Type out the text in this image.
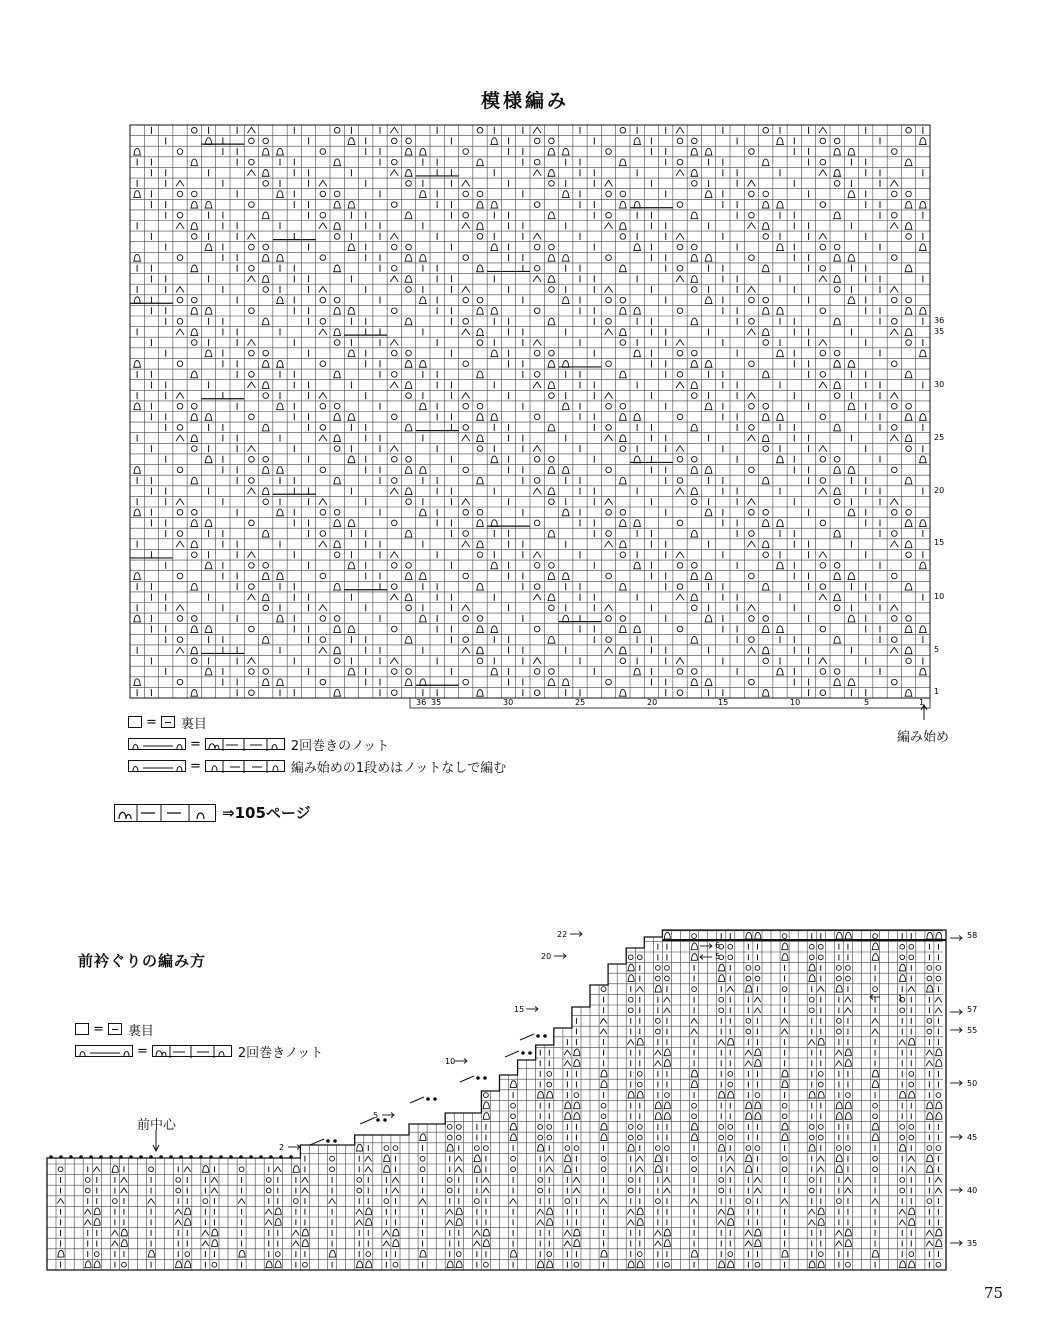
模様編み
1
5
10
15
20
25
30
35
36
1
5
10
15
20
25
30
35
36
編み始め
= 裏目
=	2回巻きのノット
=	編み始めの1段めはノットなしで編む
⇒105ページ
前衿ぐりの編み方
= 裏目
=	2回巻きノット
前中心
2
5
10
15
20
22
35
40
45
50
55
57
58
6
5
1
75
